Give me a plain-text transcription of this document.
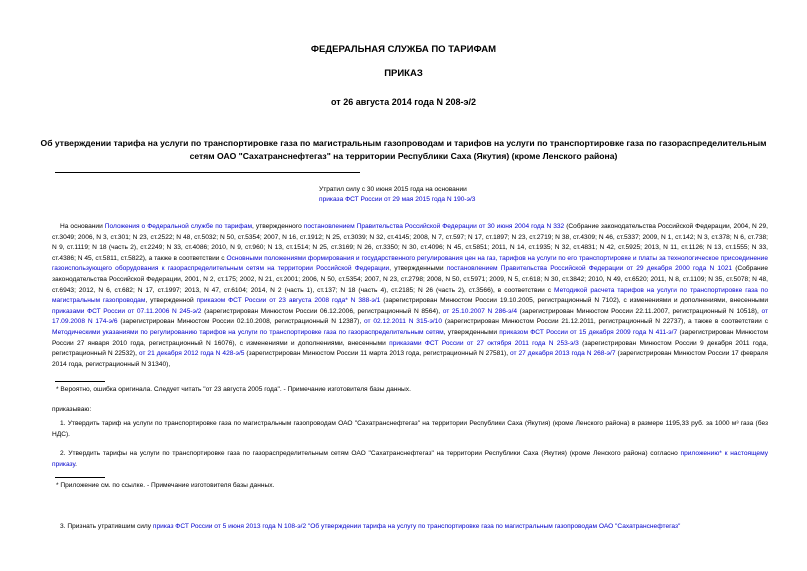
ФЕДЕРАЛЬНАЯ СЛУЖБА ПО ТАРИФАМ
ПРИКАЗ
от 26 августа 2014 года N 208-э/2
Об утверждении тарифа на услуги по транспортировке газа по магистральным газопроводам и тарифов на услуги по транспортировке газа по газораспределительным сетям ОАО "Сахатранснефтегаз" на территории Республики Саха (Якутия) (кроме Ленского района)
Утратил силу с 30 июня 2015 года на основании
приказа ФСТ России от 29 мая 2015 года N 190-э/3
На основании Положения о Федеральной службе по тарифам, утвержденного постановлением Правительства Российской Федерации от 30 июня 2004 года N 332 (Собрание законодательства Российской Федерации, 2004, N 29, ст.3049; 2006, N 3, ст.301; N 23, ст.2522; N 48, ст.5032; N 50, ст.5354; 2007, N 16, ст.1912; N 25, ст.3039; N 32, ст.4145; 2008, N 7, ст.597; N 17, ст.1897; N 23, ст.2719; N 38, ст.4309; N 46, ст.5337; 2009, N 1, ст.142; N 3, ст.378; N 6, ст.738; N 9, ст.1119; N 18 (часть 2), ст.2249; N 33, ст.4086; 2010, N 9, ст.960; N 13, ст.1514; N 25, ст.3169; N 26, ст.3350; N 30, ст.4096; N 45, ст.5851; 2011, N 14, ст.1935; N 32, ст.4831; N 42, ст.5925; 2013, N 11, ст.1126; N 13, ст.1555; N 33, ст.4386; N 45, ст.5811, ст.5822), а также в соответствии с Основными положениями формирования и государственного регулирования цен на газ, тарифов на услуги по его транспортировке и платы за технологическое присоединение газоиспользующего оборудования к газораспределительным сетям на территории Российской Федерации, утвержденными постановлением Правительства Российской Федерации от 29 декабря 2000 года N 1021 (Собрание законодательства Российской Федерации, 2001, N 2, ст.175; 2002, N 21, ст.2001; 2006, N 50, ст.5354; 2007, N 23, ст.2798; 2008, N 50, ст.5971; 2009, N 5, ст.618; N 30, ст.3842; 2010, N 49, ст.6520; 2011, N 8, ст.1109; N 35, ст.5078; N 48, ст.6943; 2012, N 6, ст.682; N 17, ст.1997; 2013, N 47, ст.6104; 2014, N 2 (часть 1), ст.137; N 18 (часть 4), ст.2185; N 26 (часть 2), ст.3566), в соответствии с Методикой расчета тарифов на услуги по транспортировке газа по магистральным газопроводам, утвержденной приказом ФСТ России от 23 августа 2008 года* N 388-э/1 (зарегистрирован Минюстом России 19.10.2005, регистрационный N 7102), с изменениями и дополнениями, внесенными приказами ФСТ России от 07.11.2006 N 245-э/2 (зарегистрирован Минюстом России 06.12.2006, регистрационный N 8564), от 25.10.2007 N 286-э/4 (зарегистрирован Минюстом России 22.11.2007, регистрационный N 10518), от 17.09.2008 N 174-э/6 (зарегистрирован Минюстом России 02.10.2008, регистрационный N 12387), от 02.12.2011 N 315-э/10 (зарегистрирован Минюстом России 21.12.2011, регистрационный N 22737), а также в соответствии с Методическими указаниями по регулированию тарифов на услуги по транспортировке газа по газораспределительным сетям, утвержденными приказом ФСТ России от 15 декабря 2009 года N 411-э/7 (зарегистрирован Минюстом России 27 января 2010 года, регистрационный N 16076), с изменениями и дополнениями, внесенными приказами ФСТ России от 27 октября 2011 года N 253-э/3 (зарегистрирован Минюстом России 9 декабря 2011 года, регистрационный N 22532), от 21 декабря 2012 года N 428-э/5 (зарегистрирован Минюстом России 11 марта 2013 года, регистрационный N 27581), от 27 декабря 2013 года N 268-э/7 (зарегистрирован Минюстом России 17 февраля 2014 года, регистрационный N 31340),
* Вероятно, ошибка оригинала. Следует читать "от 23 августа 2005 года". - Примечание изготовителя базы данных.
приказываю:
1. Утвердить тариф на услуги по транспортировке газа по магистральным газопроводам ОАО "Сахатранснефтегаз" на территории Республики Саха (Якутия) (кроме Ленского района) в размере 1195,33 руб. за 1000 м³ газа (без НДС).
2. Утвердить тарифы на услуги по транспортировке газа по газораспределительным сетям ОАО "Сахатранснефтегаз" на территории Республики Саха (Якутия) (кроме Ленского района) согласно приложению* к настоящему приказу.
* Приложение см. по ссылке. - Примечание изготовителя базы данных.
3. Признать утратившим силу приказ ФСТ России от 5 июня 2013 года N 108-э/2 "Об утверждении тарифа на услугу по транспортировке газа по магистральным газопроводам ОАО "Сахатранснефтегаз"
